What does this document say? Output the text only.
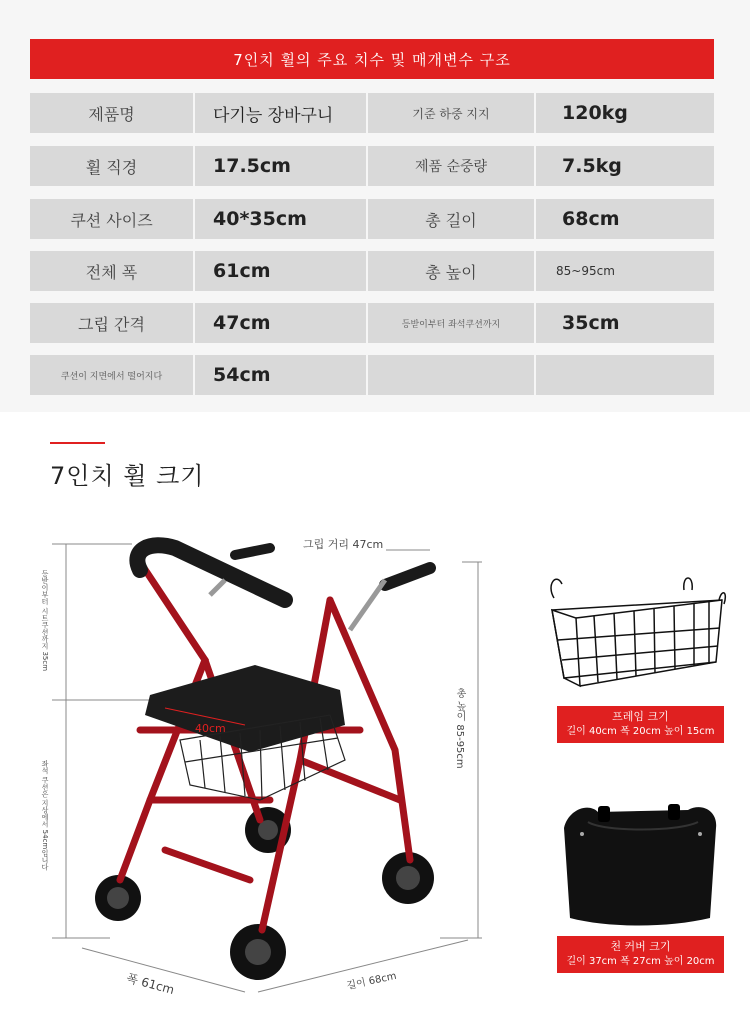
7인치 휠의 주요 치수 및 매개변수 구조
제품명	다기능 장바구니	기준 하중 지지	120kg
휠 직경	17.5cm	제품 순중량	7.5kg
쿠션 사이즈	40*35cm	총 길이	68cm
전체 폭	61cm	총 높이	85~95cm
그립 간격	47cm	등받이부터 좌석쿠션까지	35cm
쿠션이 지면에서 떨어지다	54cm
7인치 휠 크기
등받이부터 시트쿠션까지 35cm
좌석 쿠션은 지상에서 54cm입니다
그립 거리 47cm
총 높이 85-95cm
40cm
폭 61cm	길이 68cm
프레임 크기
길이 40cm 폭 20cm 높이 15cm
천 커버 크기
길이 37cm 폭 27cm 높이 20cm
